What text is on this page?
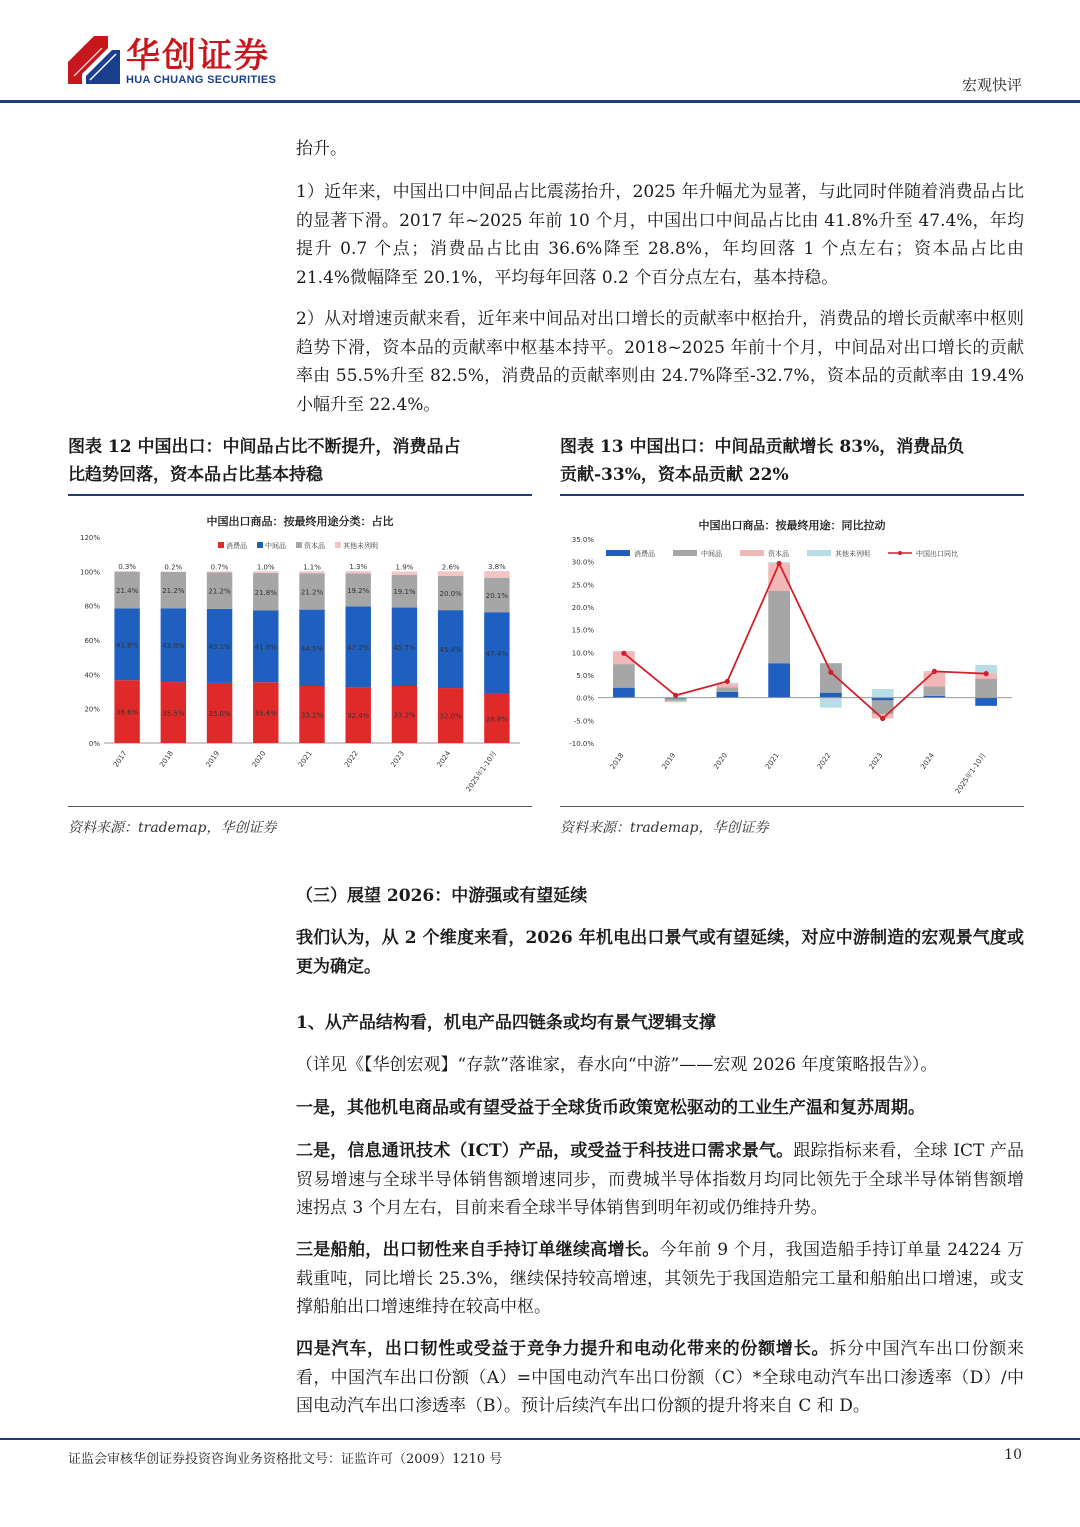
华创证券
HUA CHUANG SECURITIES	宏观快评
抬升。
1）近年来，中国出口中间品占比震荡抬升，2025 年升幅尤为显著，与此同时伴随着消费品占比的显著下滑。2017 年~2025 年前 10 个月，中国出口中间品占比由 41.8%升至 47.4%，年均提升 0.7 个点；消费品占比由 36.6%降至 28.8%，年均回落 1 个点左右；资本品占比由 21.4%微幅降至 20.1%，平均每年回落 0.2 个百分点左右，基本持稳。
2）从对增速贡献来看，近年来中间品对出口增长的贡献率中枢抬升，消费品的增长贡献率中枢则趋势下滑，资本品的贡献率中枢基本持平。2018~2025 年前十个月，中间品对出口增长的贡献率由 55.5%升至 82.5%，消费品的贡献率则由 24.7%降至-32.7%，资本品的贡献率由 19.4%小幅升至 22.4%。
图表 12 中国出口：中间品占比不断提升，消费品占
比趋势回落，资本品占比基本持稳
中国出口商品：按最终用途分类：占比
消费品	中间品	资本品	其他未列明
0%
20%
40%
60%
80%
100%
120%
36.6%
41.8%
21.4%
0.3%
2017
35.5%
43.0%
21.2%
0.2%
2018
35.0%
43.1%
21.2%
0.7%
2019
35.4%
41.8%
21.8%
1.0%
2020
33.2%
44.5%
21.2%
1.1%
2021
32.4%
47.2%
19.2%
1.3%
2022
33.2%
45.7%
19.1%
1.9%
2023
32.0%
45.4%
20.0%
2.6%
2024
28.8%
47.4%
20.1%
3.8%
2025年1-10月
资料来源：trademap，华创证券
图表 13 中国出口：中间品贡献增长 83%，消费品负
贡献-33%，资本品贡献 22%
中国出口商品：按最终用途：同比拉动
消费品	中间品	资本品	其他未列明	中国出口同比
-10.0%
-5.0%
0.0%
5.0%
10.0%
15.0%
20.0%
25.0%
30.0%
35.0%
2018	2019	2020	2021	2022	2023	2024	2025年1-10月
资料来源：trademap，华创证券
（三）展望 2026：中游强或有望延续
我们认为，从 2 个维度来看，2026 年机电出口景气或有望延续，对应中游制造的宏观景气度或更为确定。
1、从产品结构看，机电产品四链条或均有景气逻辑支撑
（详见《【华创宏观】“存款”落谁家，春水向“中游”——宏观 2026 年度策略报告》）。
一是，其他机电商品或有望受益于全球货币政策宽松驱动的工业生产温和复苏周期。
二是，信息通讯技术（ICT）产品，或受益于科技进口需求景气。跟踪指标来看，全球 ICT 产品贸易增速与全球半导体销售额增速同步，而费城半导体指数月均同比领先于全球半导体销售额增速拐点 3 个月左右，目前来看全球半导体销售到明年初或仍维持升势。
三是船舶，出口韧性来自手持订单继续高增长。今年前 9 个月，我国造船手持订单量 24224 万载重吨，同比增长 25.3%，继续保持较高增速，其领先于我国造船完工量和船舶出口增速，或支撑船舶出口增速维持在较高中枢。
四是汽车，出口韧性或受益于竞争力提升和电动化带来的份额增长。拆分中国汽车出口份额来看，中国汽车出口份额（A）=中国电动汽车出口份额（C）*全球电动汽车出口渗透率（D）/中国电动汽车出口渗透率（B）。预计后续汽车出口份额的提升将来自 C 和 D。
证监会审核华创证券投资咨询业务资格批文号：证监许可（2009）1210 号	10
